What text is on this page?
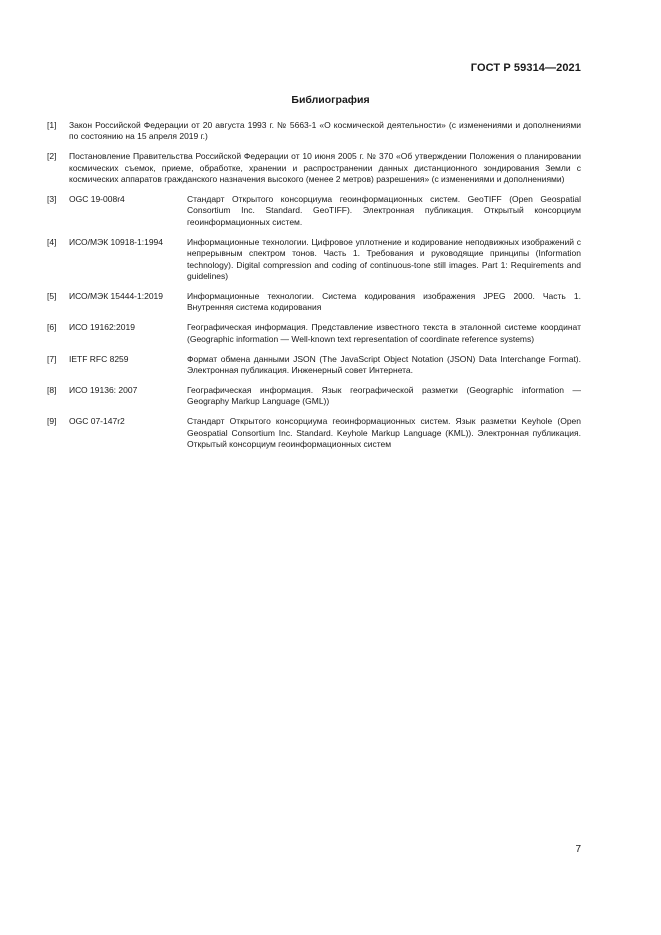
ГОСТ Р 59314—2021
Библиография
[1]	Закон Российской Федерации от 20 августа 1993 г. № 5663-1 «О космической деятельности» (с изменениями и дополнениями по состоянию на 15 апреля 2019 г.)
[2]	Постановление Правительства Российской Федерации от 10 июня 2005 г. № 370 «Об утверждении Положения о планировании космических съемок, приеме, обработке, хранении и распространении данных дистанционного зондирования Земли с космических аппаратов гражданского назначения высокого (менее 2 метров) разрешения» (с изменениями и дополнениями)
[3]	OGC 19-008r4	Стандарт Открытого консорциума геоинформационных систем. GeoTIFF (Open Geospatial Consortium Inc. Standard. GeoTIFF). Электронная публикация. Открытый консорциум геоинформационных систем.
[4]	ИСО/МЭК 10918-1:1994	Информационные технологии. Цифровое уплотнение и кодирование неподвижных изображений с непрерывным спектром тонов. Часть 1. Требования и руководящие принципы (Information technology). Digital compression and coding of continuous-tone still images. Part 1: Requirements and guidelines)
[5]	ИСО/МЭК 15444-1:2019	Информационные технологии. Система кодирования изображения JPEG 2000. Часть 1. Внутренняя система кодирования
[6]	ИСО 19162:2019	Географическая информация. Представление известного текста в эталонной системе координат (Geographic information — Well-known text representation of coordinate reference systems)
[7]	IETF RFC 8259	Формат обмена данными JSON (The JavaScript Object Notation (JSON) Data Interchange Format). Электронная публикация. Инженерный совет Интернета.
[8]	ИСО 19136: 2007	Географическая информация. Язык географической разметки (Geographic information — Geography Markup Language (GML))
[9]	OGC 07-147r2	Стандарт Открытого консорциума геоинформационных систем. Язык разметки Keyhole (Open Geospatial Consortium Inc. Standard. Keyhole Markup Language (KML)). Электронная публикация. Открытый консорциум геоинформационных систем
7
